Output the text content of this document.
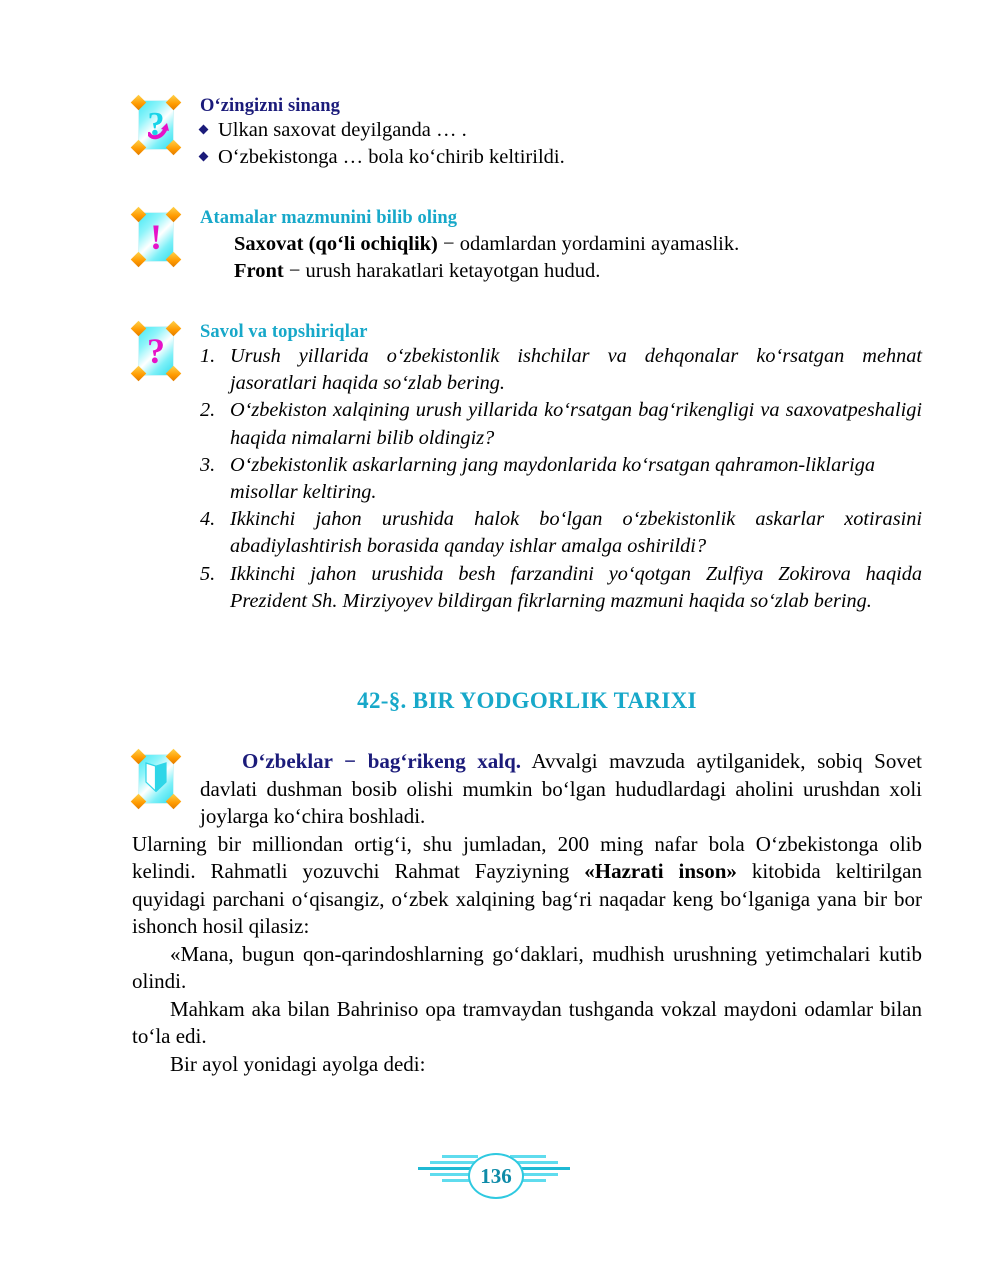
?	O‘zingizni sinang
Ulkan saxovat deyilganda … .
O‘zbekistonga … bola ko‘chirib keltirildi.
!	Atamalar mazmunini bilib oling
Saxovat (qo‘li ochiqlik) − odamlardan yordamini ayamaslik.
Front − urush harakatlari ketayotgan hudud.
?	Savol va topshiriqlar
1. Urush yillarida o‘zbekistonlik ishchilar va dehqonalar ko‘rsatgan mehnat jasoratlari haqida so‘zlab bering.
2. O‘zbekiston xalqining urush yillarida ko‘rsatgan bag‘rikengligi va saxovatpeshaligi haqida nimalarni bilib oldingiz?
3. O‘zbekistonlik askarlarning jang maydonlarida ko‘rsatgan qahramon-liklariga misollar keltiring.
4. Ikkinchi jahon urushida halok bo‘lgan o‘zbekistonlik askarlar xotirasini abadiylashtirish borasida qanday ishlar amalga oshirildi?
5. Ikkinchi jahon urushida besh farzandini yo‘qotgan Zulfiya Zokirova haqida Prezident Sh. Mirziyoyev bildirgan fikrlarning mazmuni haqida so‘zlab bering.
42-§. BIR YODGORLIK TARIXI

O‘zbeklar − bag‘rikeng xalq. Avvalgi mavzuda aytilganidek, sobiq Sovet davlati dushman bosib olishi mumkin bo‘lgan hududlardagi aholini urushdan xoli joylarga ko‘chira boshladi.

Ularning bir milliondan ortig‘i, shu jumladan, 200 ming nafar bola O‘zbekistonga olib kelindi. Rahmatli yozuvchi Rahmat Fayziyning «Hazrati inson» kitobida keltirilgan quyidagi parchani o‘qisangiz, o‘zbek xalqining bag‘ri naqadar keng bo‘lganiga yana bir bor ishonch hosil qilasiz:

«Mana, bugun qon-qarindoshlarning go‘daklari, mudhish urushning yetimchalari kutib olindi.

Mahkam aka bilan Bahriniso opa tramvaydan tushganda vokzal maydoni odamlar bilan to‘la edi.

Bir ayol yonidagi ayolga dedi:

136
